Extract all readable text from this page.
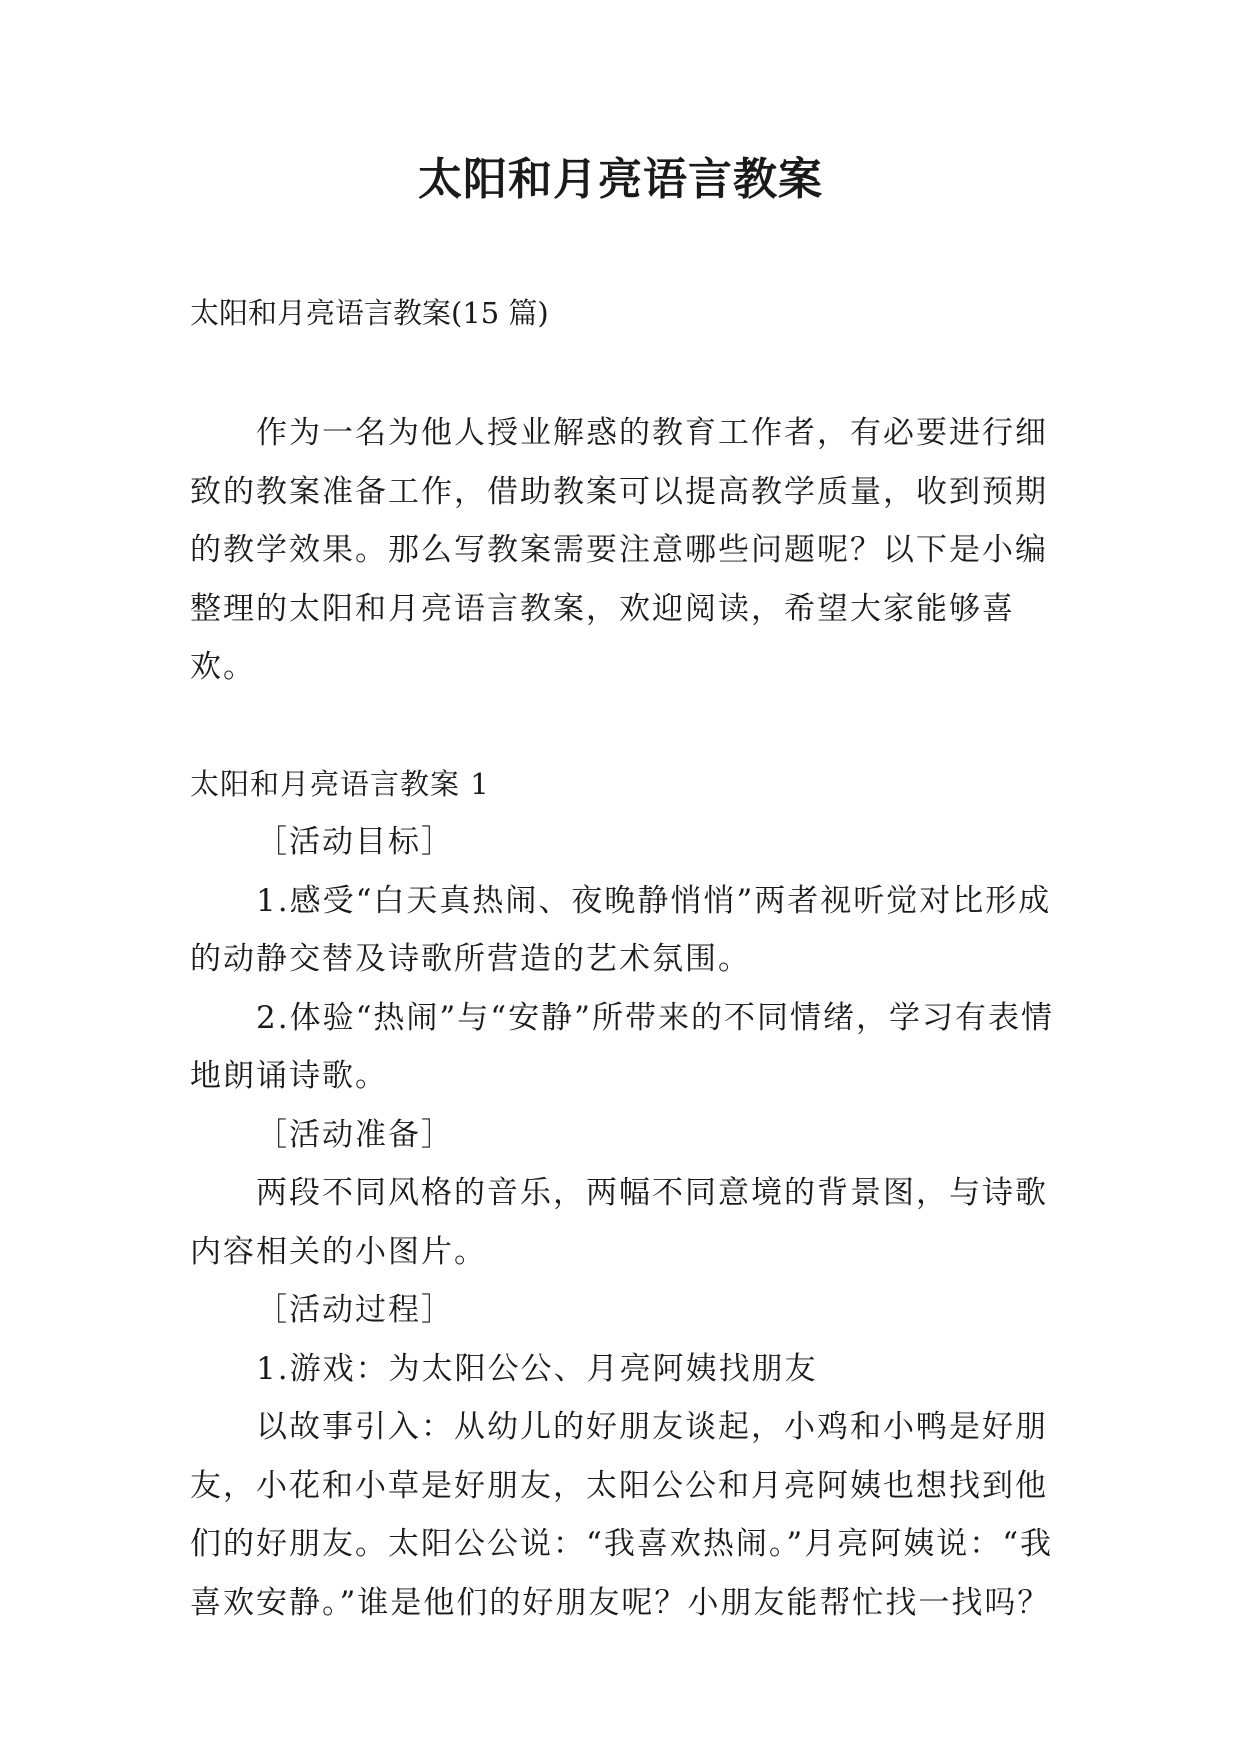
太阳和月亮语言教案
太阳和月亮语言教案(15 篇)

作为一名为他人授业解惑的教育工作者，有必要进行细致的教案准备工作，借助教案可以提高教学质量，收到预期的教学效果。那么写教案需要注意哪些问题呢？以下是小编整理的太阳和月亮语言教案，欢迎阅读，希望大家能够喜欢。

太阳和月亮语言教案 1

［活动目标］

1.感受“白天真热闹、夜晚静悄悄”两者视听觉对比形成的动静交替及诗歌所营造的艺术氛围。

2.体验“热闹”与“安静”所带来的不同情绪，学习有表情地朗诵诗歌。

［活动准备］

两段不同风格的音乐，两幅不同意境的背景图，与诗歌内容相关的小图片。

［活动过程］

1.游戏：为太阳公公、月亮阿姨找朋友

以故事引入：从幼儿的好朋友谈起，小鸡和小鸭是好朋友，小花和小草是好朋友，太阳公公和月亮阿姨也想找到他们的好朋友。太阳公公说：“我喜欢热闹。”月亮阿姨说：“我喜欢安静。”谁是他们的好朋友呢？小朋友能帮忙找一找吗？
